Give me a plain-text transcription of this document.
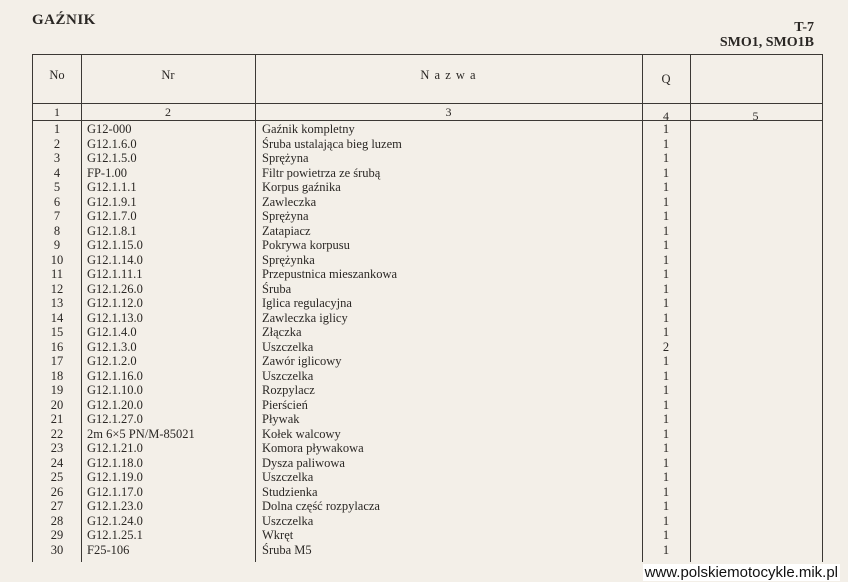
GAŹNIK	T-7
SMO1, SMO1B
No	Nr	N a z w a	Q
1	2	3	4	5
1	G12-000	Gaźnik kompletny	1
2	G12.1.6.0	Śruba ustalająca bieg luzem	1
3	G12.1.5.0	Sprężyna	1
4	FP-1.00	Filtr powietrza ze śrubą	1
5	G12.1.1.1	Korpus gaźnika	1
6	G12.1.9.1	Zawleczka	1
7	G12.1.7.0	Sprężyna	1
8	G12.1.8.1	Zatapiacz	1
9	G12.1.15.0	Pokrywa korpusu	1
10	G12.1.14.0	Sprężynka	1
11	G12.1.11.1	Przepustnica mieszankowa	1
12	G12.1.26.0	Śruba	1
13	G12.1.12.0	Iglica regulacyjna	1
14	G12.1.13.0	Zawleczka iglicy	1
15	G12.1.4.0	Złączka	1
16	G12.1.3.0	Uszczelka	2
17	G12.1.2.0	Zawór iglicowy	1
18	G12.1.16.0	Uszczelka	1
19	G12.1.10.0	Rozpylacz	1
20	G12.1.20.0	Pierścień	1
21	G12.1.27.0	Pływak	1
22	2m 6×5 PN/M-85021	Kołek walcowy	1
23	G12.1.21.0	Komora pływakowa	1
24	G12.1.18.0	Dysza paliwowa	1
25	G12.1.19.0	Uszczelka	1
26	G12.1.17.0	Studzienka	1
27	G12.1.23.0	Dolna część rozpylacza	1
28	G12.1.24.0	Uszczelka	1
29	G12.1.25.1	Wkręt	1
30	F25-106	Śruba M5	1
www.polskiemotocykle.mik.pl
